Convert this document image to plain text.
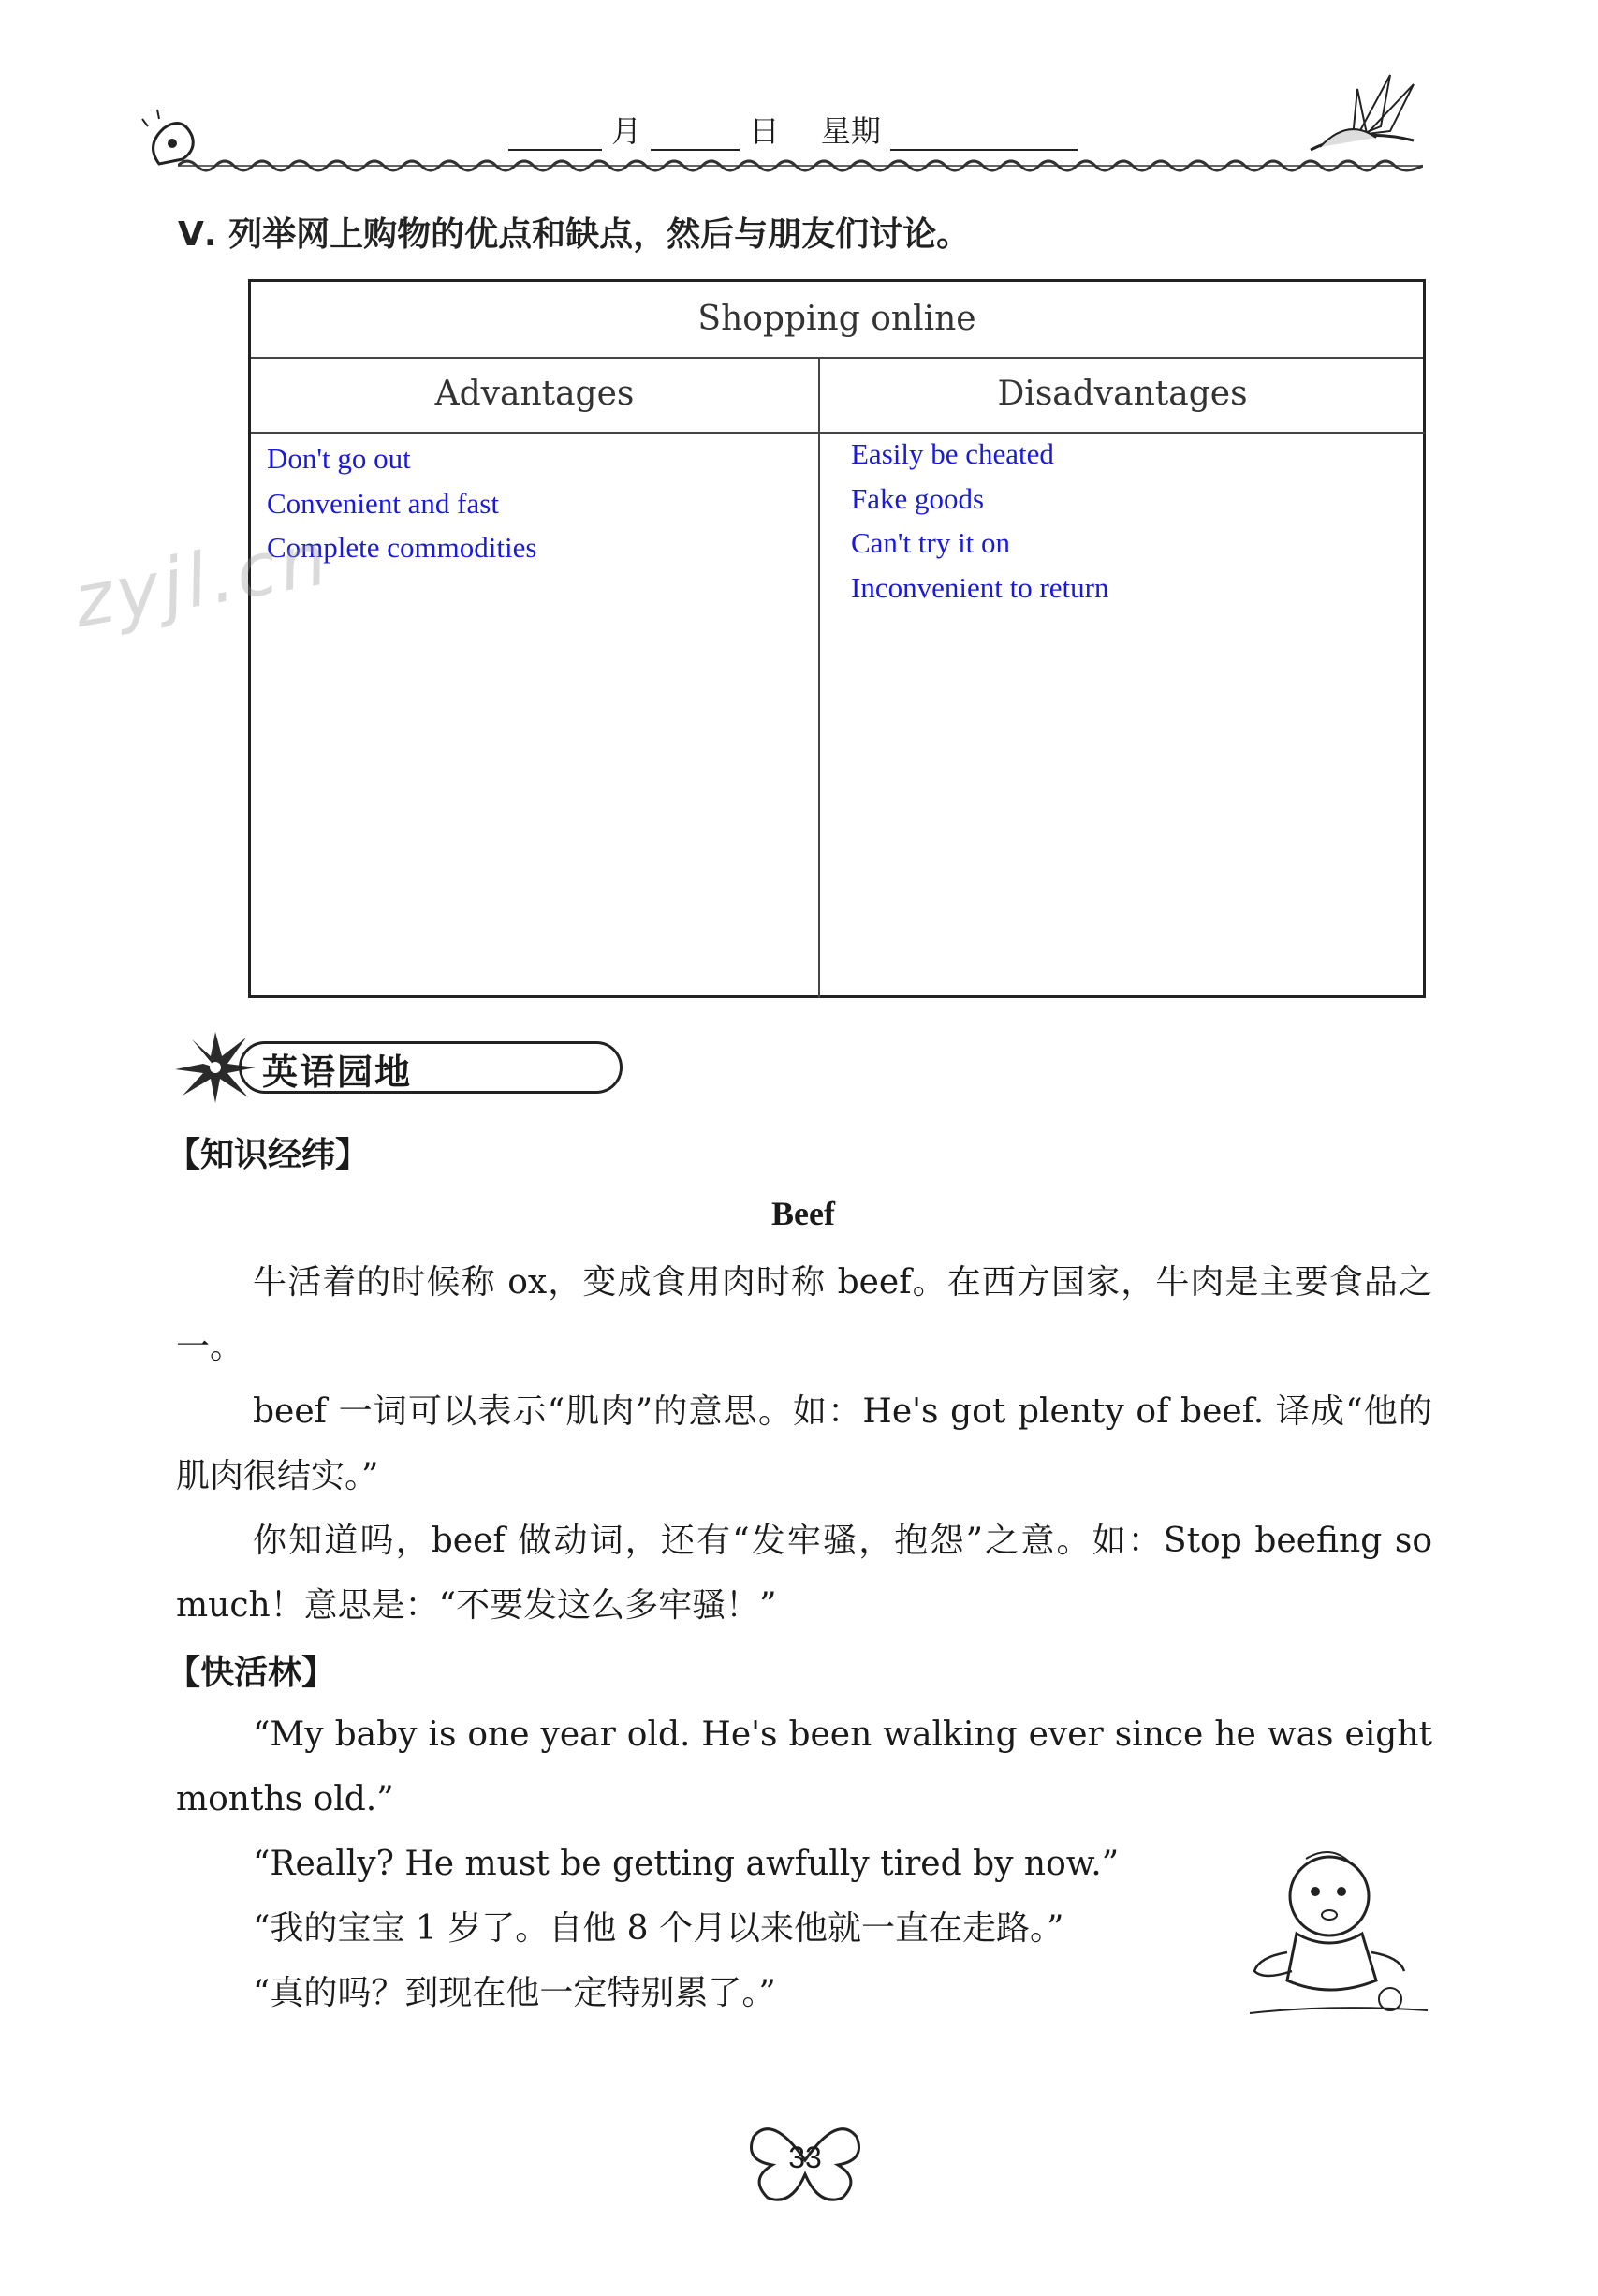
月	日 星期
Ⅴ. 列举网上购物的优点和缺点，然后与朋友们讨论。
Shopping online
Advantages	Disadvantages
Don't go out
Convenient and fast
Complete commodities
Easily be cheated
Fake goods
Can't try it on
Inconvenient to return
zyjl.cn
英语园地
【知识经纬】
Beef
牛活着的时候称 ox，变成食用肉时称 beef。在西方国家，牛肉是主要食品之一。
beef 一词可以表示“肌肉”的意思。如：He's got plenty of beef. 译成“他的肌肉很结实。”
你知道吗，beef 做动词，还有“发牢骚，抱怨”之意。如：Stop beefing so much！意思是：“不要发这么多牢骚！”
【快活林】
“My baby is one year old. He's been walking ever since he was eight months old.”
“Really? He must be getting awfully tired by now.”
“我的宝宝 1 岁了。自他 8 个月以来他就一直在走路。”
“真的吗？到现在他一定特别累了。”
33
